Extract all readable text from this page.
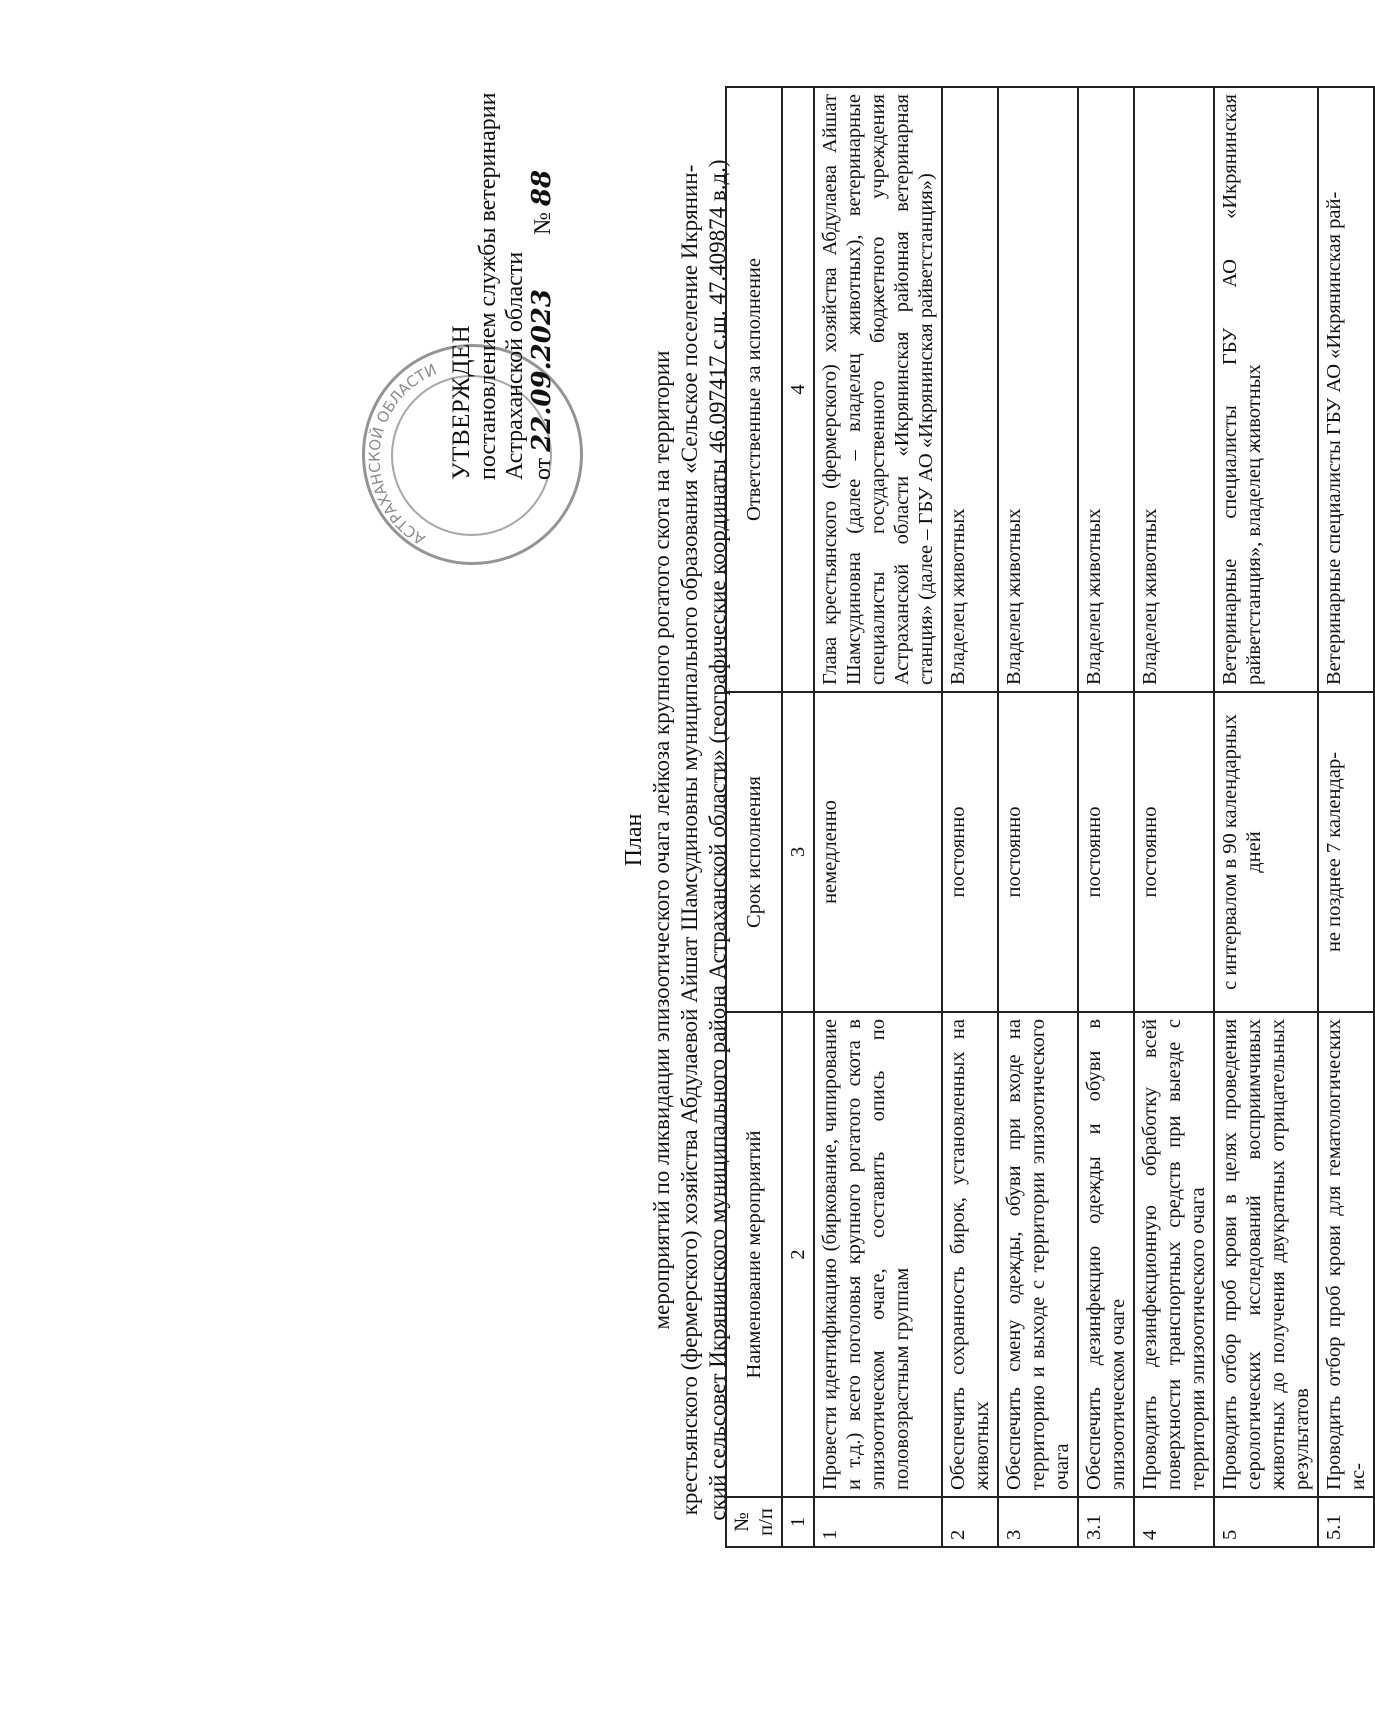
АСТРАХАНСКОЙ ОБЛАСТИ УТВЕРЖДЕН постановлением службы ветеринарии Астраханской области от 22.09.2023 № 88
План мероприятий по ликвидации эпизоотического очага лейкоза крупного рогатого скота на территории крестьянского (фермерского) хозяйства Абдулаевой Айшат Шамсудиновны муниципального образования «Сельское поселение Икрянин- ский сельсовет Икрянинского муниципального района Астраханской области» (географические координаты 46.097417 с.ш. 47.409874 в.д.)
№ п/п	Наименование мероприятий	Срок исполнения	Ответственные за исполнение
1	2	3	4
1	Провести идентификацию (биркование, чипирование и т.д.) всего поголовья крупного рогатого скота в эпизоотическом очаге, составить опись по половозрастным группам	немедленно	Глава крестьянского (фермерского) хозяйства Абдулаева Айшат Шамсудиновна (далее – владелец животных), ветеринарные специалисты государственного бюджетного учреждения Астраханской области «Икрянинская районная ветеринарная станция» (далее – ГБУ АО «Икрянинская райветстанция»)
2	Обеспечить сохранность бирок, установленных на животных	постоянно	Владелец животных
3	Обеспечить смену одежды, обуви при входе на территорию и выходе с территории эпизоотического очага	постоянно	Владелец животных
3.1	Обеспечить дезинфекцию одежды и обуви в эпизоотическом очаге	постоянно	Владелец животных
4	Проводить дезинфекционную обработку всей поверхности транспортных средств при выезде с территории эпизоотического очага	постоянно	Владелец животных
5	Проводить отбор проб крови в целях проведения серологических исследований восприимчивых животных до получения двукратных отрицательных результатов	с интервалом в 90 календарных дней	Ветеринарные специалисты ГБУ АО «Икрянинская райветстанция», владелец животных
5.1	Проводить отбор проб крови для гематологических ис-	не позднее 7 календар-	Ветеринарные специалисты ГБУ АО «Икрянинская рай-
